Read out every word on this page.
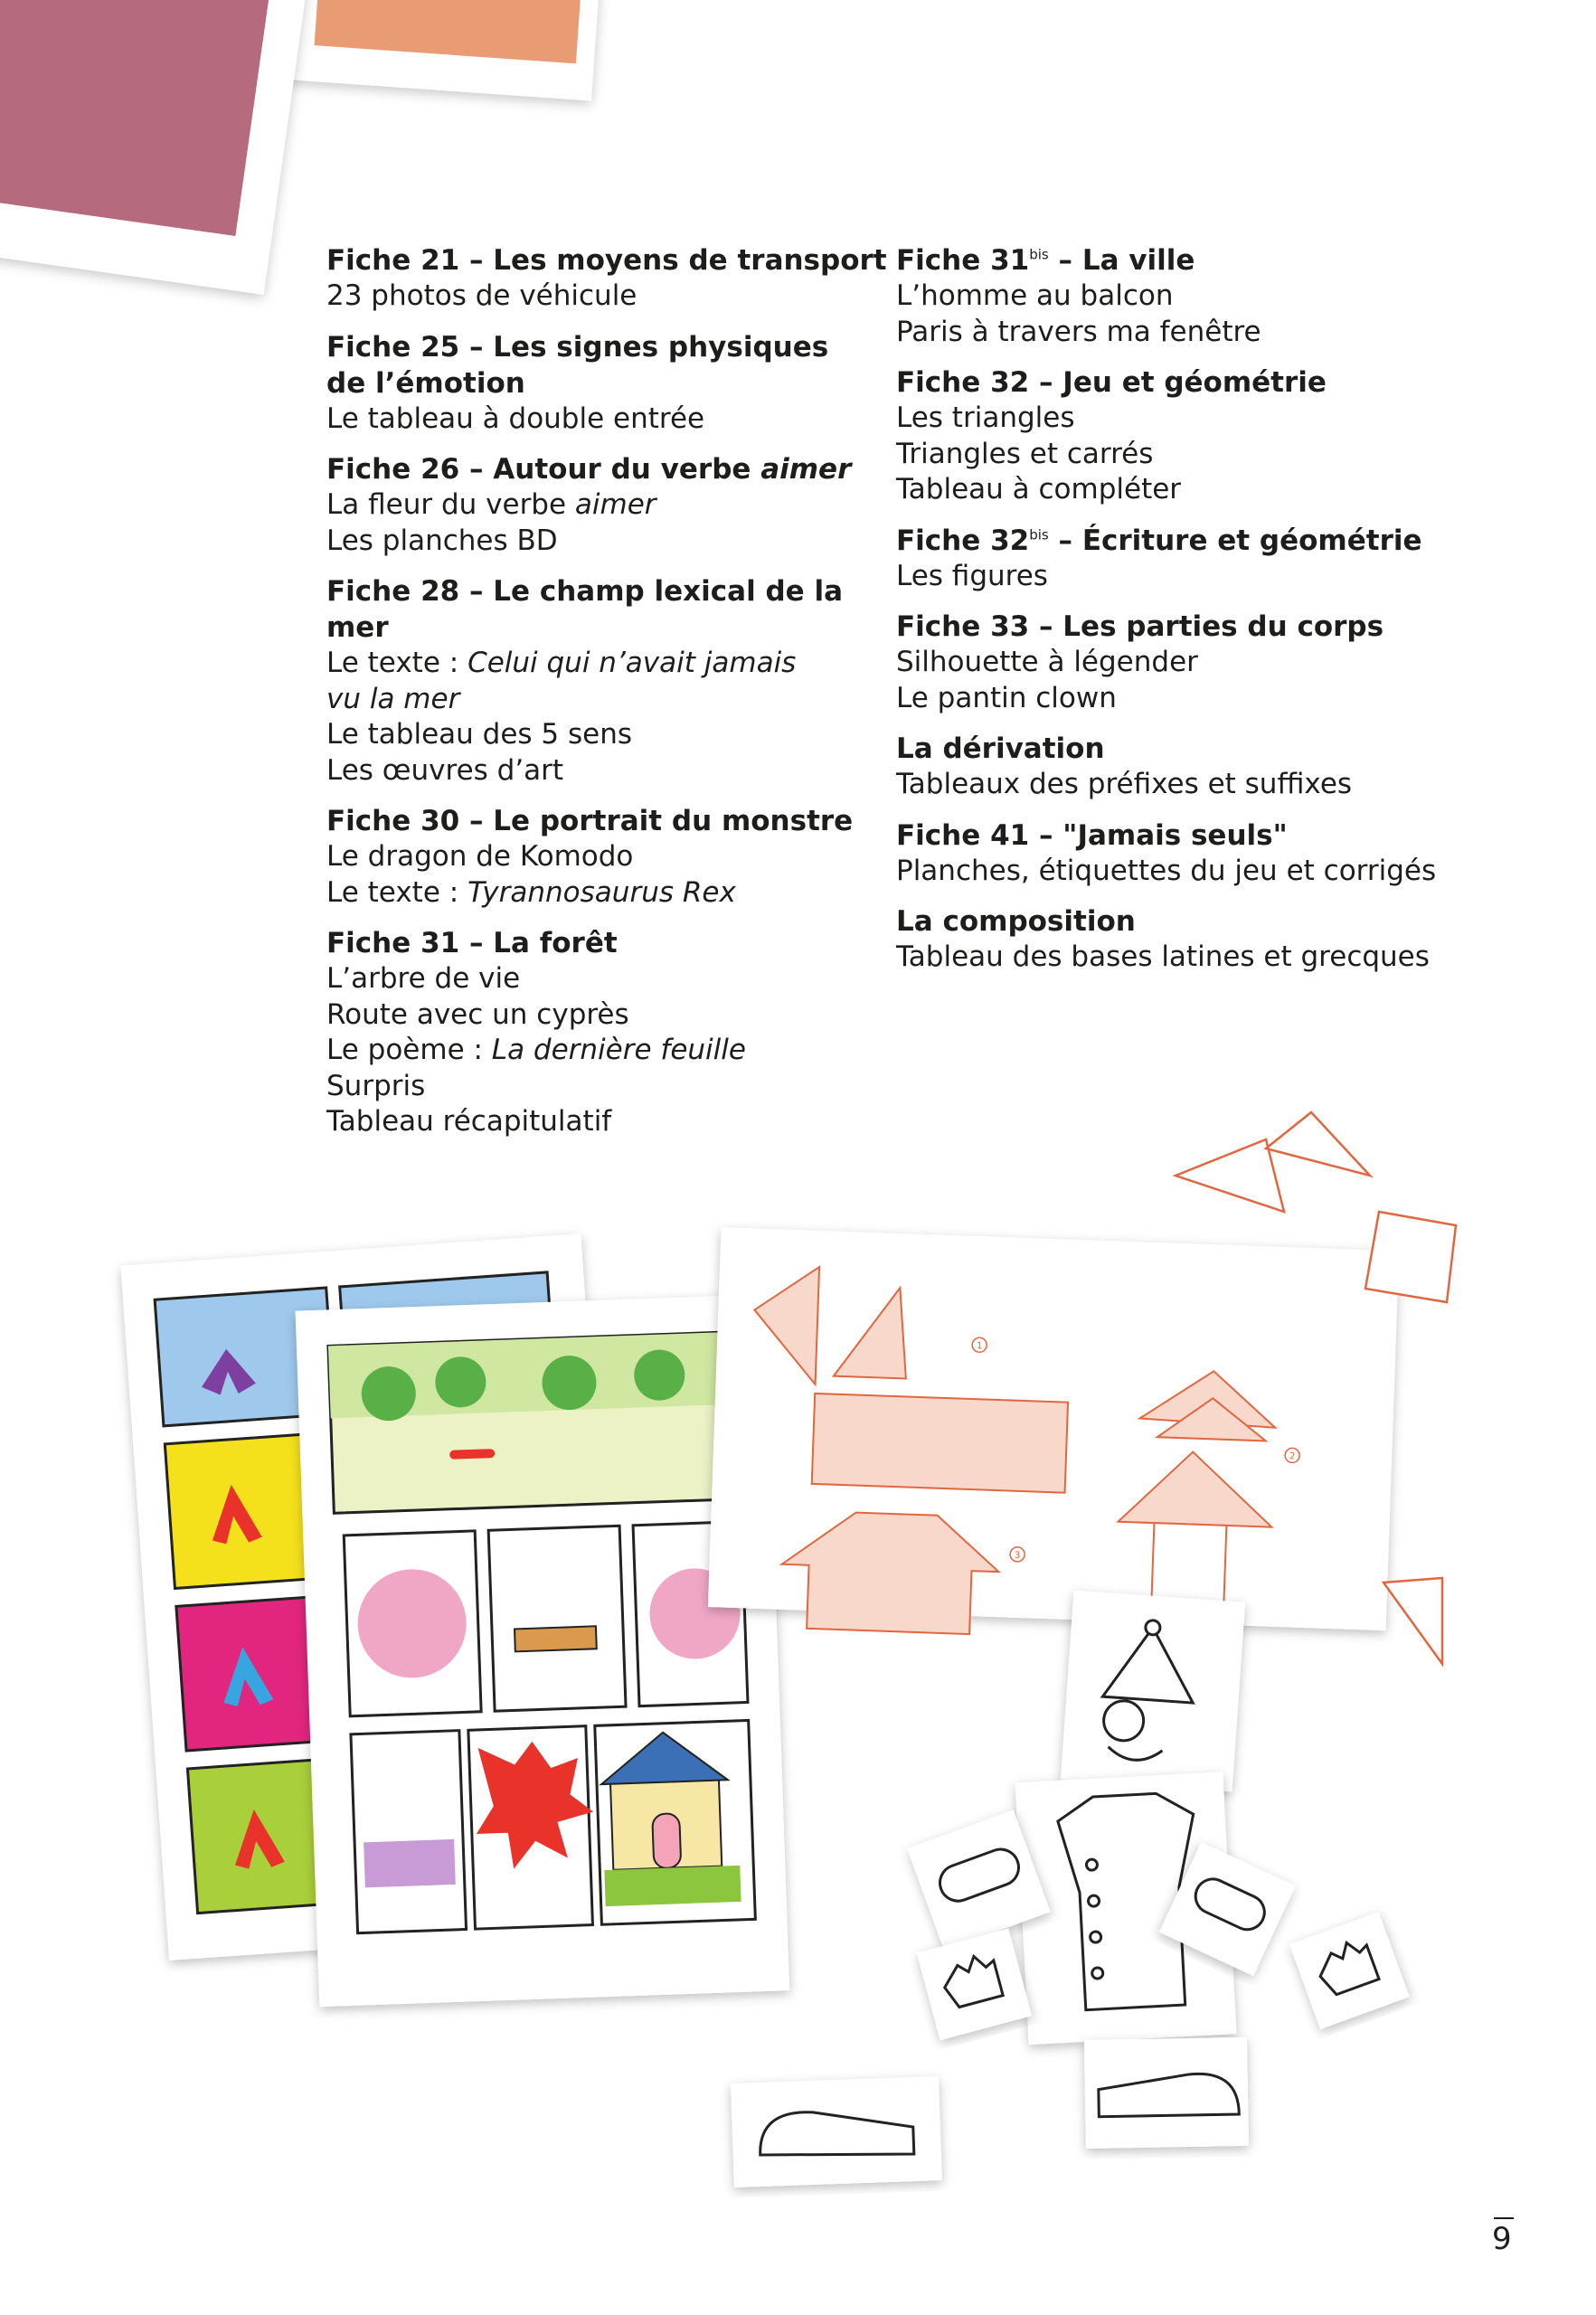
Fiche 21 – Les moyens de transport
23 photos de véhicule
Fiche 25 – Les signes physiques
de l’émotion
Le tableau à double entrée
Fiche 26 – Autour du verbe aimer
La fleur du verbe aimer
Les planches BD
Fiche 28 – Le champ lexical de la mer
Le texte : Celui qui n’avait jamais
vu la mer
Le tableau des 5 sens
Les œuvres d’art
Fiche 30 – Le portrait du monstre
Le dragon de Komodo
Le texte : Tyrannosaurus Rex
Fiche 31 – La forêt
L’arbre de vie
Route avec un cyprès
Le poème : La dernière feuille
Surpris
Tableau récapitulatif
Fiche $31^{bis}$ – La ville
L’homme au balcon
Paris à travers ma fenêtre
Fiche 32 – Jeu et géométrie
Les triangles
Triangles et carrés
Tableau à compléter
Fiche $32^{bis}$ – Écriture et géométrie
Les figures
Fiche 33 – Les parties du corps
Silhouette à légender
Le pantin clown
La dérivation
Tableaux des préfixes et suffixes
Fiche 41 – "Jamais seuls"
Planches, étiquettes du jeu et corrigés
La composition
Tableau des bases latines et grecques
1
2
3
9
